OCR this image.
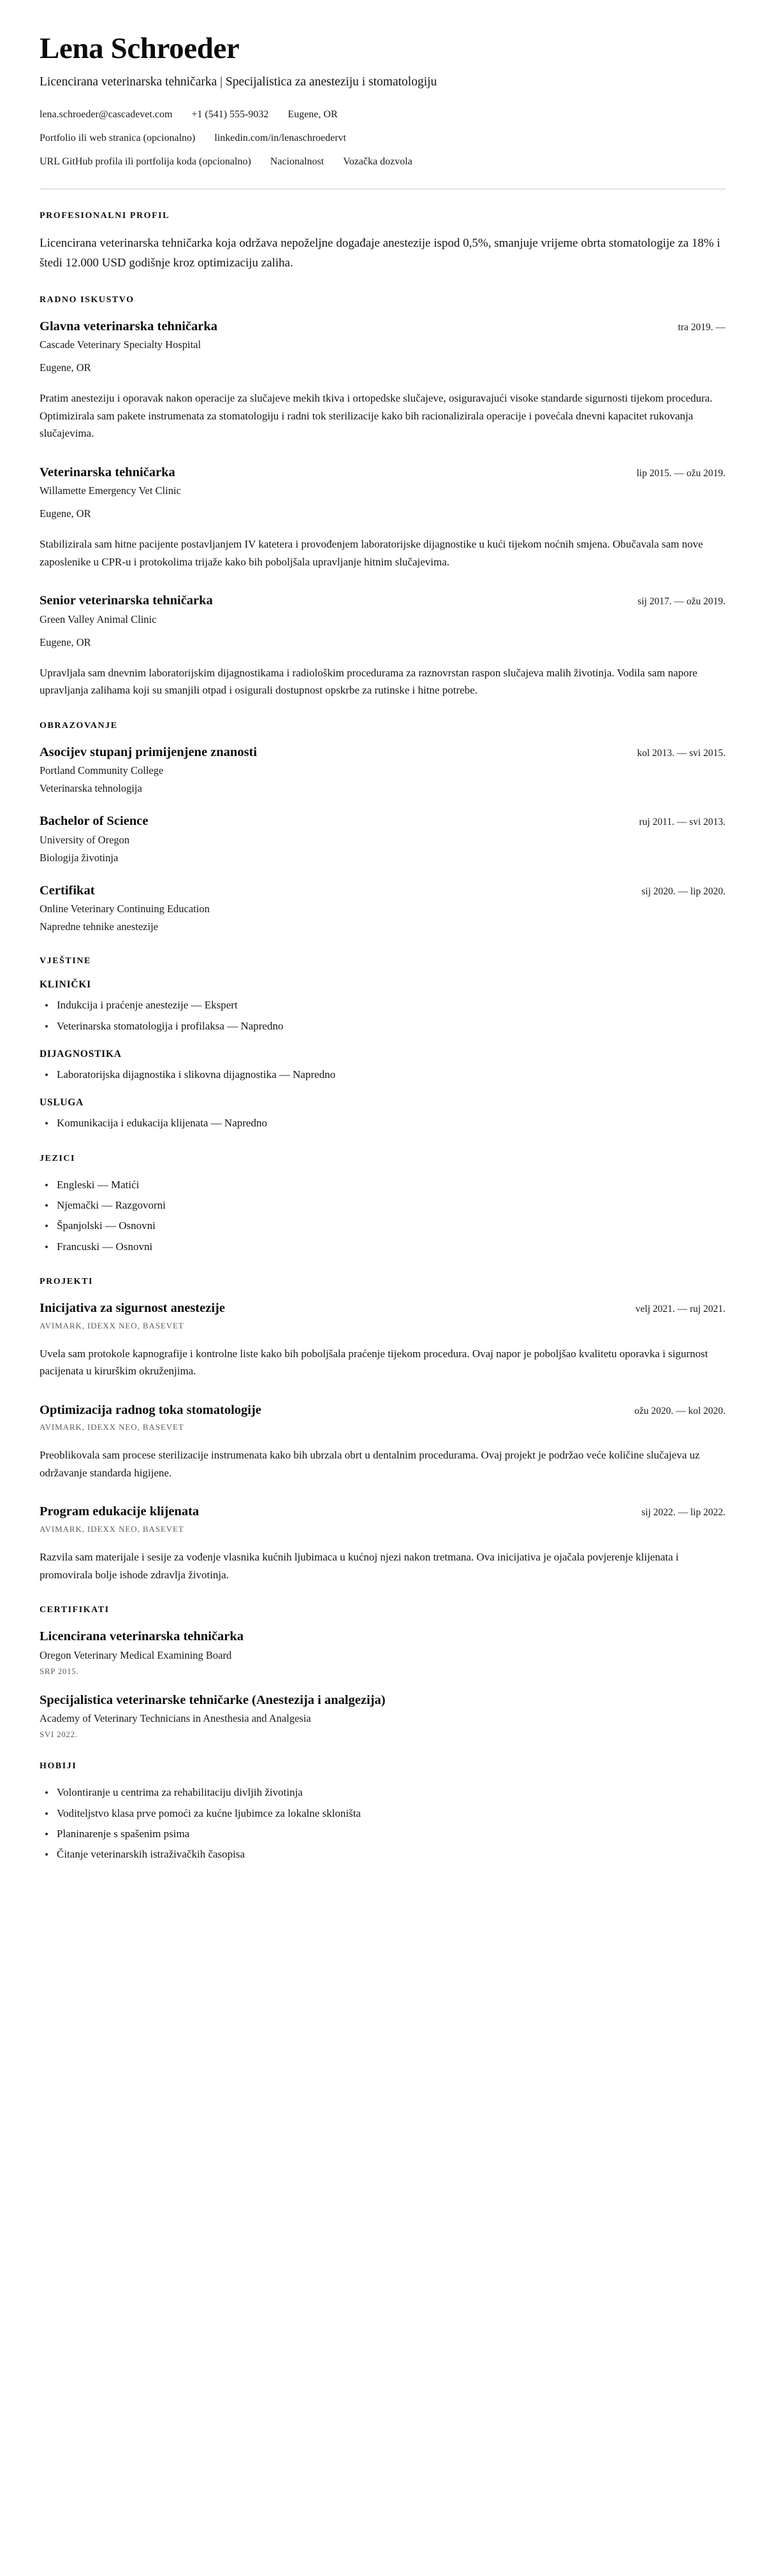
Lena Schroeder

Licencirana veterinarska tehničarka | Specijalistica za anesteziju i stomatologiju

lena.schroeder@cascadevet.com +1 (541) 555-9032 Eugene, OR
Portfolio ili web stranica (opcionalno) linkedin.com/in/lenaschroedervt
URL GitHub profila ili portfolija koda (opcionalno) Nacionalnost Vozačka dozvola
PROFESIONALNI PROFIL

Licencirana veterinarska tehničarka koja održava nepoželjne događaje anestezije ispod 0,5%, smanjuje vrijeme obrta stomatologije za 18% i štedi 12.000 USD godišnje kroz optimizaciju zaliha.

RADNO ISKUSTVO
Glavna veterinarska tehničarka	tra 2019. —

Cascade Veterinary Specialty Hospital

Eugene, OR

Pratim anesteziju i oporavak nakon operacije za slučajeve mekih tkiva i ortopedske slučajeve, osiguravajući visoke standarde sigurnosti tijekom procedura. Optimizirala sam pakete instrumenata za stomatologiju i radni tok sterilizacije kako bih racionalizirala operacije i povećala dnevni kapacitet rukovanja slučajevima.

Veterinarska tehničarka	lip 2015. — ožu 2019.

Willamette Emergency Vet Clinic

Eugene, OR

Stabilizirala sam hitne pacijente postavljanjem IV katetera i provođenjem laboratorijske dijagnostike u kući tijekom noćnih smjena. Obučavala sam nove zaposlenike u CPR-u i protokolima trijaže kako bih poboljšala upravljanje hitnim slučajevima.

Senior veterinarska tehničarka	sij 2017. — ožu 2019.

Green Valley Animal Clinic

Eugene, OR

Upravljala sam dnevnim laboratorijskim dijagnostikama i radiološkim procedurama za raznovrstan raspon slučajeva malih životinja. Vodila sam napore upravljanja zalihama koji su smanjili otpad i osigurali dostupnost opskrbe za rutinske i hitne potrebe.

OBRAZOVANJE
Asocijev stupanj primijenjene znanosti	kol 2013. — svi 2015.

Portland Community College

Veterinarska tehnologija

Bachelor of Science	ruj 2011. — svi 2013.

University of Oregon

Biologija životinja

Certifikat	sij 2020. — lip 2020.

Online Veterinary Continuing Education

Napredne tehnike anestezije

VJEŠTINE
KLINIČKI
Indukcija i praćenje anestezije — Ekspert
Veterinarska stomatologija i profilaksa — Napredno
DIJAGNOSTIKA
Laboratorijska dijagnostika i slikovna dijagnostika — Napredno
USLUGA
Komunikacija i edukacija klijenata — Napredno
JEZICI
Engleski — Matići
Njemački — Razgovorni
Španjolski — Osnovni
Francuski — Osnovni
PROJEKTI
Inicijativa za sigurnost anestezije	velj 2021. — ruj 2021.

AVIMARK, IDEXX NEO, BASEVET

Uvela sam protokole kapnografije i kontrolne liste kako bih poboljšala praćenje tijekom procedura. Ovaj napor je poboljšao kvalitetu oporavka i sigurnost pacijenata u kirurškim okruženjima.

Optimizacija radnog toka stomatologije	ožu 2020. — kol 2020.

AVIMARK, IDEXX NEO, BASEVET

Preoblikovala sam procese sterilizacije instrumenata kako bih ubrzala obrt u dentalnim procedurama. Ovaj projekt je podržao veće količine slučajeva uz održavanje standarda higijene.

Program edukacije klijenata	sij 2022. — lip 2022.

AVIMARK, IDEXX NEO, BASEVET

Razvila sam materijale i sesije za vođenje vlasnika kućnih ljubimaca u kućnoj njezi nakon tretmana. Ova inicijativa je ojačala povjerenje klijenata i promovirala bolje ishode zdravlja životinja.

CERTIFIKATI
Licencirana veterinarska tehničarka

Oregon Veterinary Medical Examining Board

SRP 2015.

Specijalistica veterinarske tehničarke (Anestezija i analgezija)

Academy of Veterinary Technicians in Anesthesia and Analgesia

SVI 2022.

HOBIJI
Volontiranje u centrima za rehabilitaciju divljih životinja
Voditeljstvo klasa prve pomoći za kućne ljubimce za lokalne skloništa
Planinarenje s spašenim psima
Čitanje veterinarskih istraživačkih časopisa
